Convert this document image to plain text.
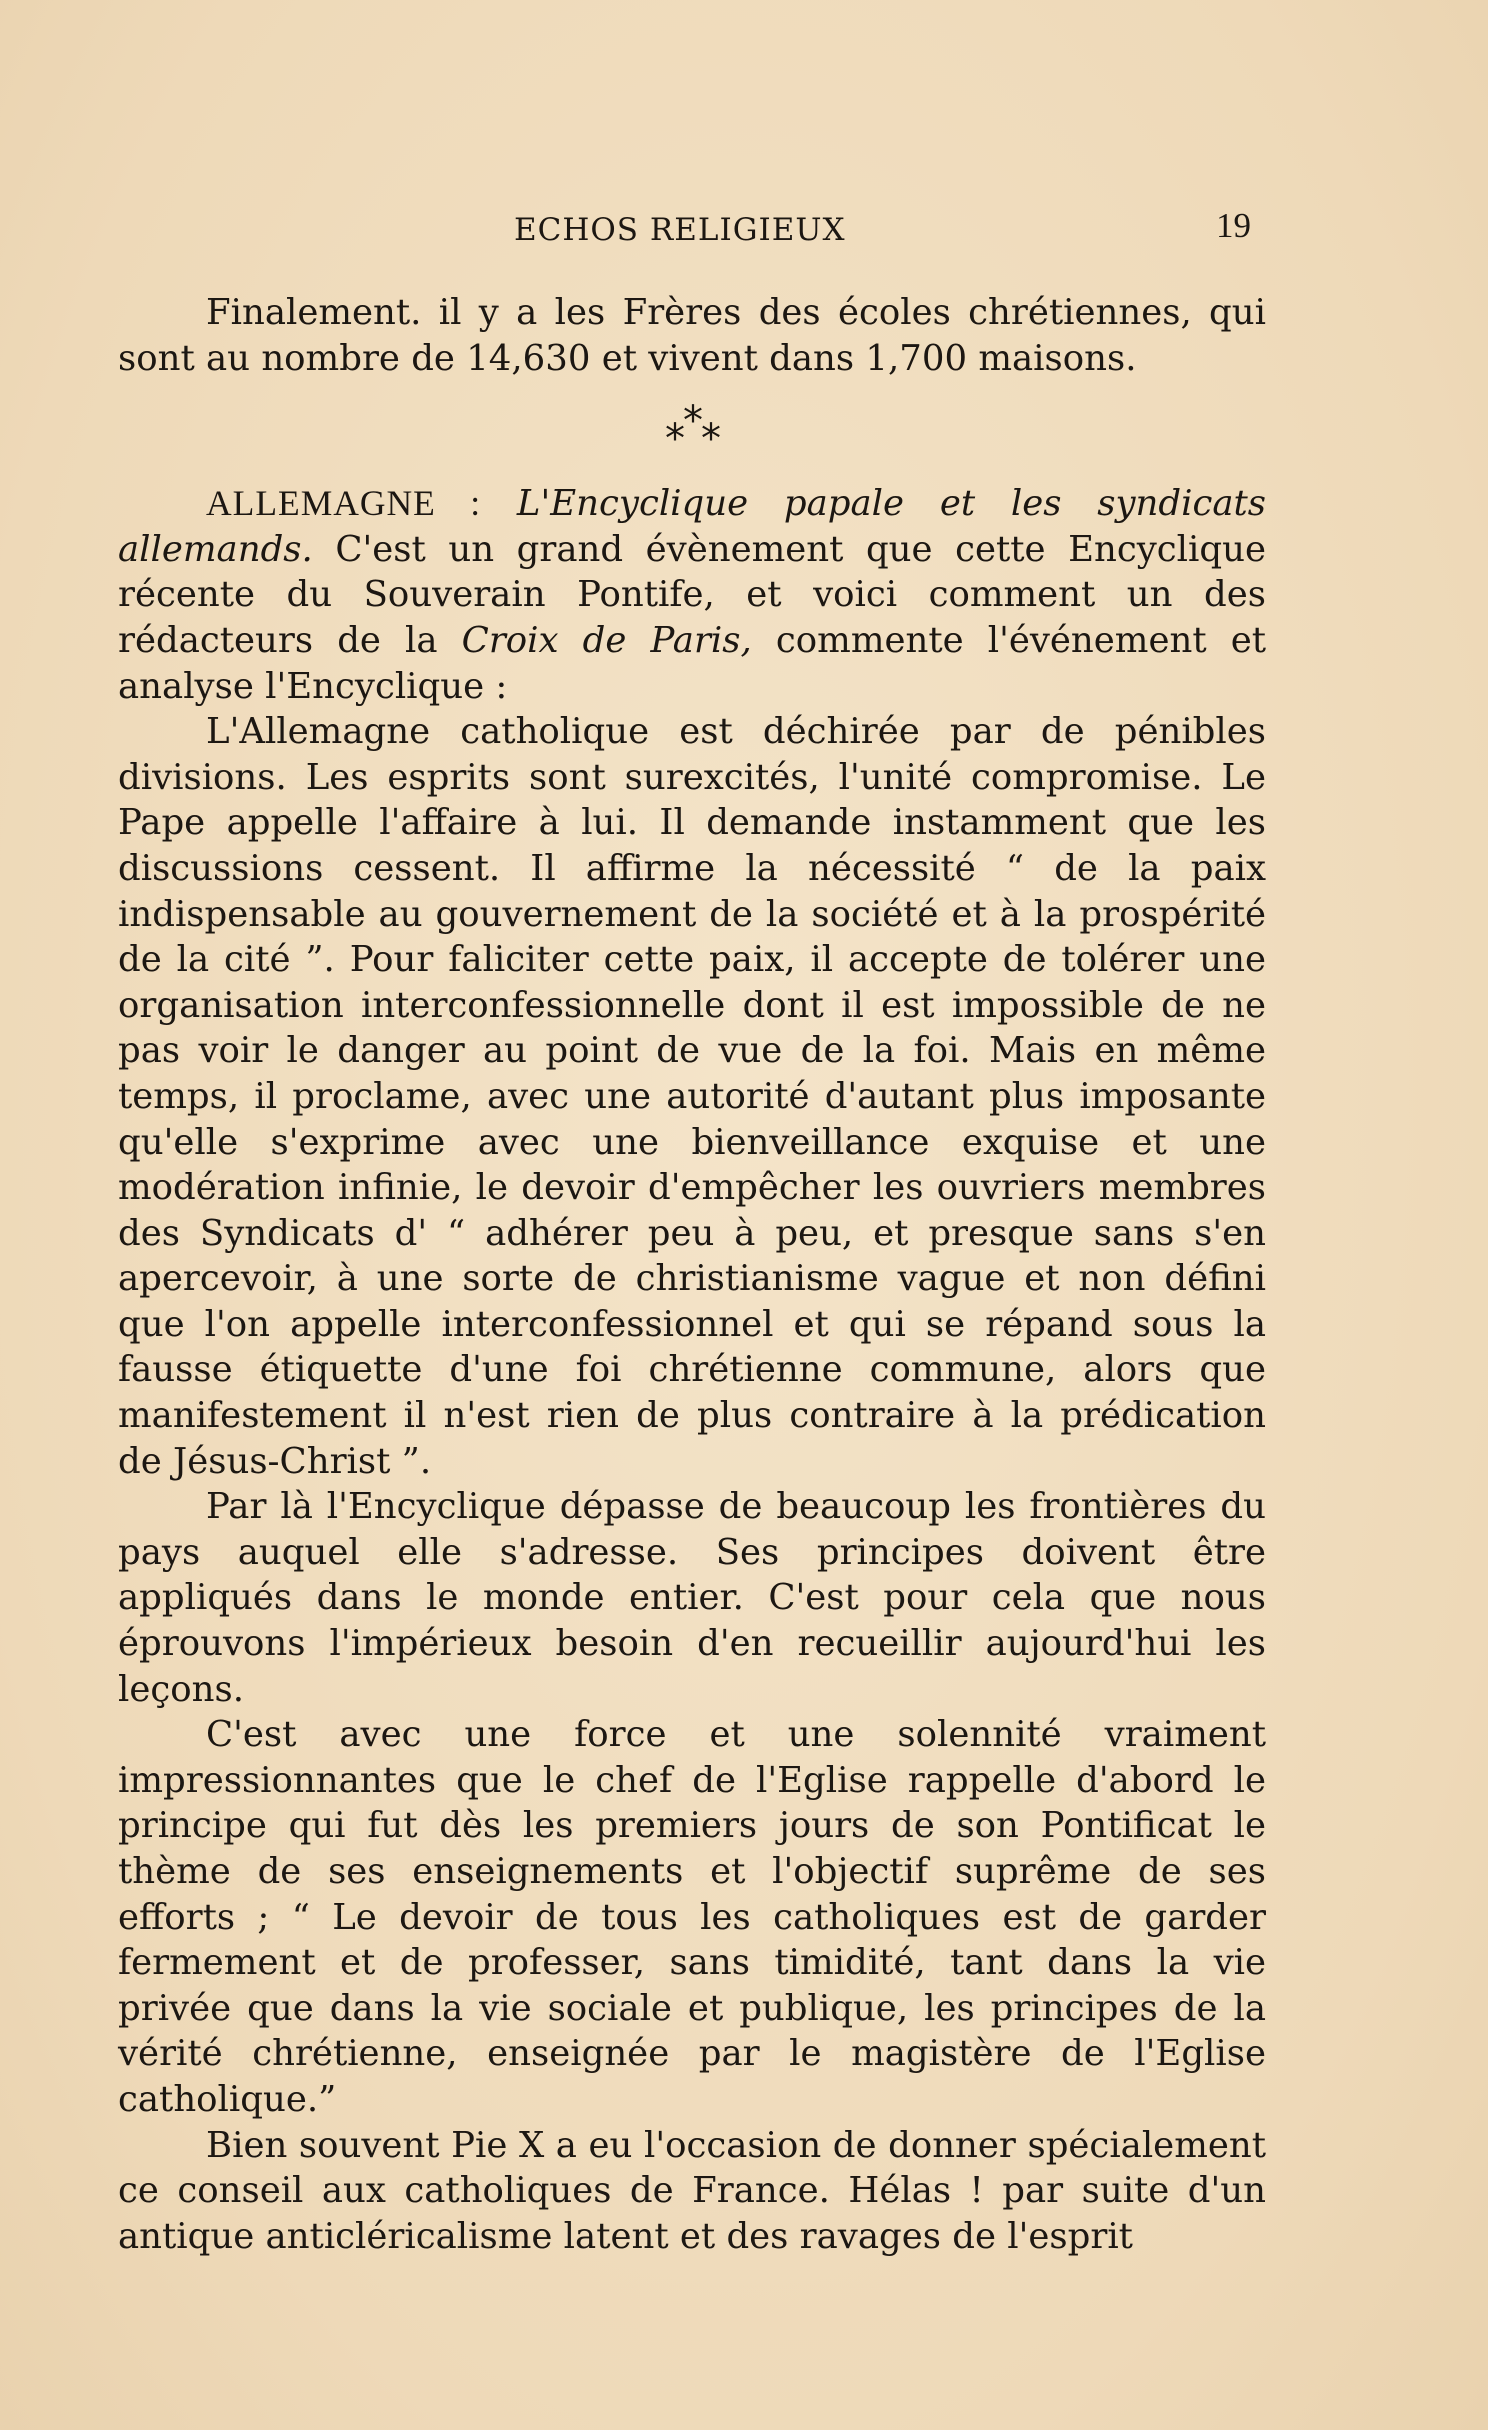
ECHOS RELIGIEUX	19

Finalement. il y a les Frères des écoles chrétiennes, qui sont au nombre de 14,630 et vivent dans 1,700 maisons.

***

ALLEMAGNE : L'Encyclique papale et les syndicats allemands. C'est un grand évènement que cette Encyclique récente du Souverain Pontife, et voici comment un des rédacteurs de la Croix de Paris, commente l'événement et analyse l'Encyclique :

L'Allemagne catholique est déchirée par de pénibles divisions. Les esprits sont surexcités, l'unité compromise. Le Pape appelle l'affaire à lui. Il demande instamment que les discussions cessent. Il affirme la nécessité “ de la paix indispensable au gouvernement de la société et à la prospérité de la cité ”. Pour faliciter cette paix, il accepte de tolérer une organisation interconfessionnelle dont il est impossible de ne pas voir le danger au point de vue de la foi. Mais en même temps, il proclame, avec une autorité d'autant plus imposante qu'elle s'exprime avec une bienveillance exquise et une modération infinie, le devoir d'empêcher les ouvriers membres des Syndicats d' “ adhérer peu à peu, et presque sans s'en apercevoir, à une sorte de christianisme vague et non défini que l'on appelle interconfessionnel et qui se répand sous la fausse étiquette d'une foi chrétienne commune, alors que manifestement il n'est rien de plus contraire à la prédication de Jésus-Christ ”.

Par là l'Encyclique dépasse de beaucoup les frontières du pays auquel elle s'adresse. Ses principes doivent être appliqués dans le monde entier. C'est pour cela que nous éprouvons l'impérieux besoin d'en recueillir aujourd'hui les leçons.

C'est avec une force et une solennité vraiment impressionnantes que le chef de l'Eglise rappelle d'abord le principe qui fut dès les premiers jours de son Pontificat le thème de ses enseignements et l'objectif suprême de ses efforts ; “ Le devoir de tous les catholiques est de garder fermement et de professer, sans timidité, tant dans la vie privée que dans la vie sociale et publique, les principes de la vérité chrétienne, enseignée par le magistère de l'Eglise catholique.”

Bien souvent Pie X a eu l'occasion de donner spécialement ce conseil aux catholiques de France. Hélas ! par suite d'un antique anticléricalisme latent et des ravages de l'esprit
